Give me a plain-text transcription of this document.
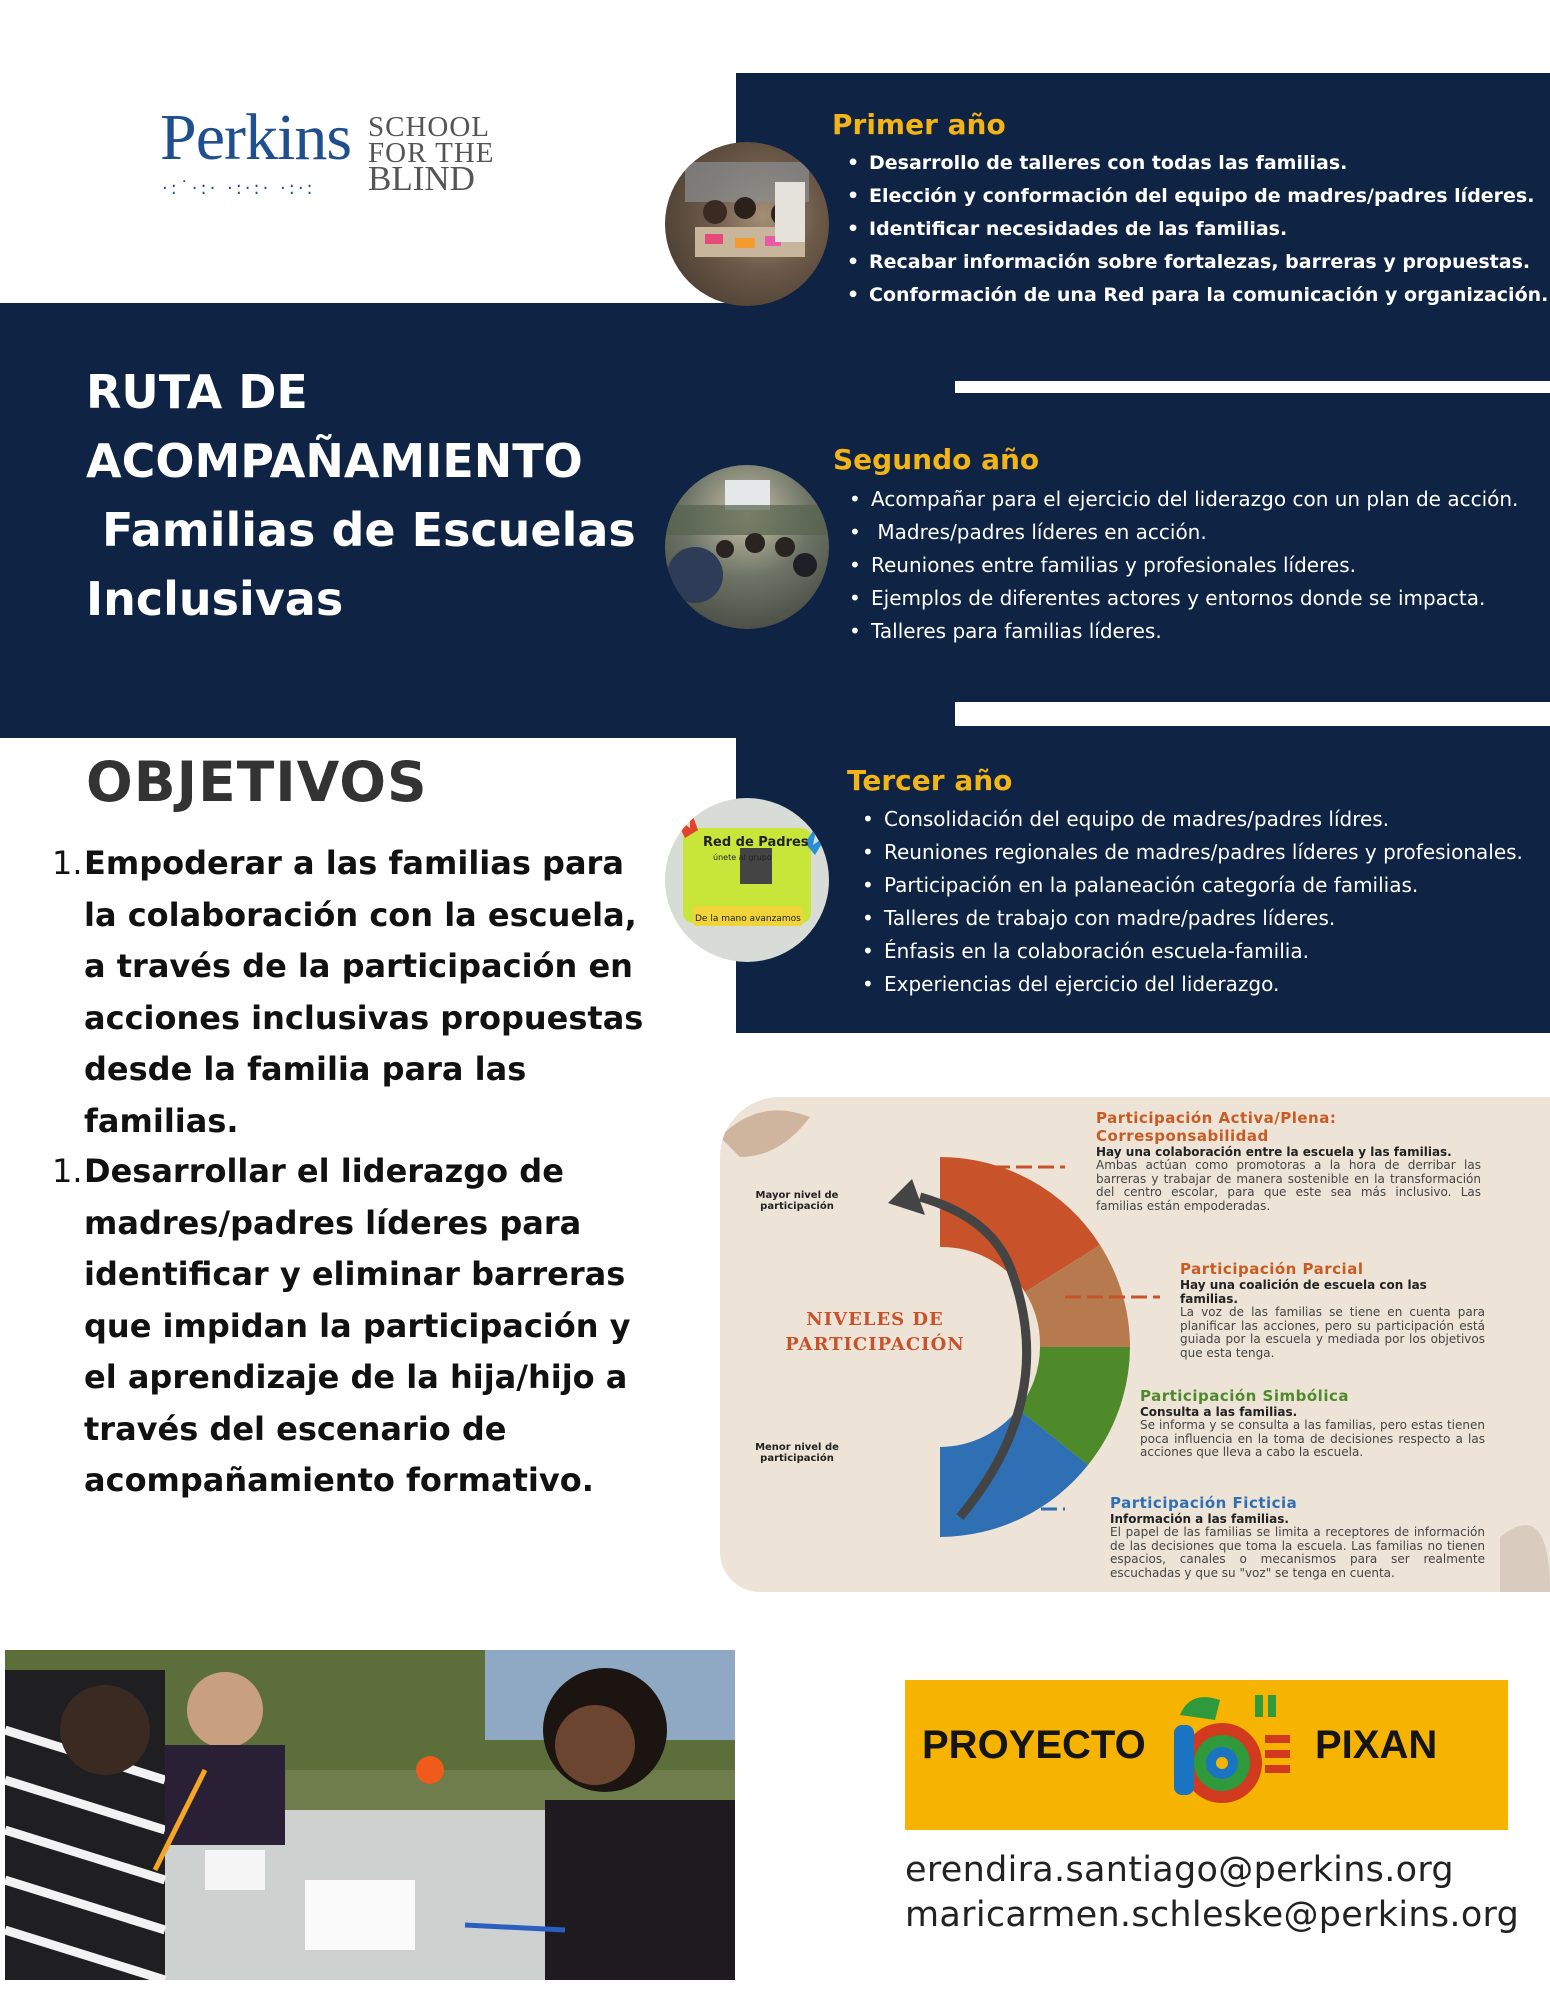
Perkins SCHOOL
FOR THE
BLIND
·:˙·:· ·:·:· ·:·:
Primer año
• Desarrollo de talleres con todas las familias.
• Elección y conformación del equipo de madres/padres líderes.
• Identificar necesidades de las familias.
• Recabar información sobre fortalezas, barreras y propuestas.
• Conformación de una Red para la comunicación y organización.
RUTA DE
ACOMPAÑAMIENTO
Familias de Escuelas
Inclusivas
Segundo año
• Acompañar para el ejercicio del liderazgo con un plan de acción.
•  Madres/padres líderes en acción.
• Reuniones entre familias y profesionales líderes.
• Ejemplos de diferentes actores y entornos donde se impacta.
• Talleres para familias líderes.
OBJETIVOS
1. Empoderar a las familias para la colaboración con la escuela, a través de la participación en acciones inclusivas propuestas desde la familia para las familias.
1. Desarrollar el liderazgo de madres/padres líderes para identificar y eliminar barreras que impidan la participación y el aprendizaje de la hija/hijo a través del escenario de acompañamiento formativo.
Red de Padres
únete al grupo
De la mano avanzamos
Tercer año
• Consolidación del equipo de madres/padres lídres.
• Reuniones regionales de madres/padres líderes y profesionales.
• Participación en la palaneación categoría de familias.
• Talleres de trabajo con madre/padres líderes.
• Énfasis en la colaboración escuela-familia.
• Experiencias del ejercicio del liderazgo.
Mayor nivel de
participación
Menor nivel de
participación
NIVELES DE
PARTICIPACIÓN
Participación Activa/Plena:
Corresponsabilidad
Hay una colaboración entre la escuela y las familias.
Ambas actúan como promotoras a la hora de derribar las barreras y trabajar de manera sostenible en la transformación del centro escolar, para que este sea más inclusivo. Las familias están empoderadas.
Participación Parcial
Hay una coalición de escuela con las familias.
La voz de las familias se tiene en cuenta para planificar las acciones, pero su participación está guiada por la escuela y mediada por los objetivos que esta tenga.
Participación Simbólica
Consulta a las familias.
Se informa y se consulta a las familias, pero estas tienen poca influencia en la toma de decisiones respecto a las acciones que lleva a cabo la escuela.
Participación Ficticia
Información a las familias.
El papel de las familias se limita a receptores de información de las decisiones que toma la escuela. Las familias no tienen espacios, canales o mecanismos para ser realmente escuchadas y que su "voz" se tenga en cuenta.
PROYECTO	PIXAN
erendira.santiago@perkins.org
maricarmen.schleske@perkins.org
